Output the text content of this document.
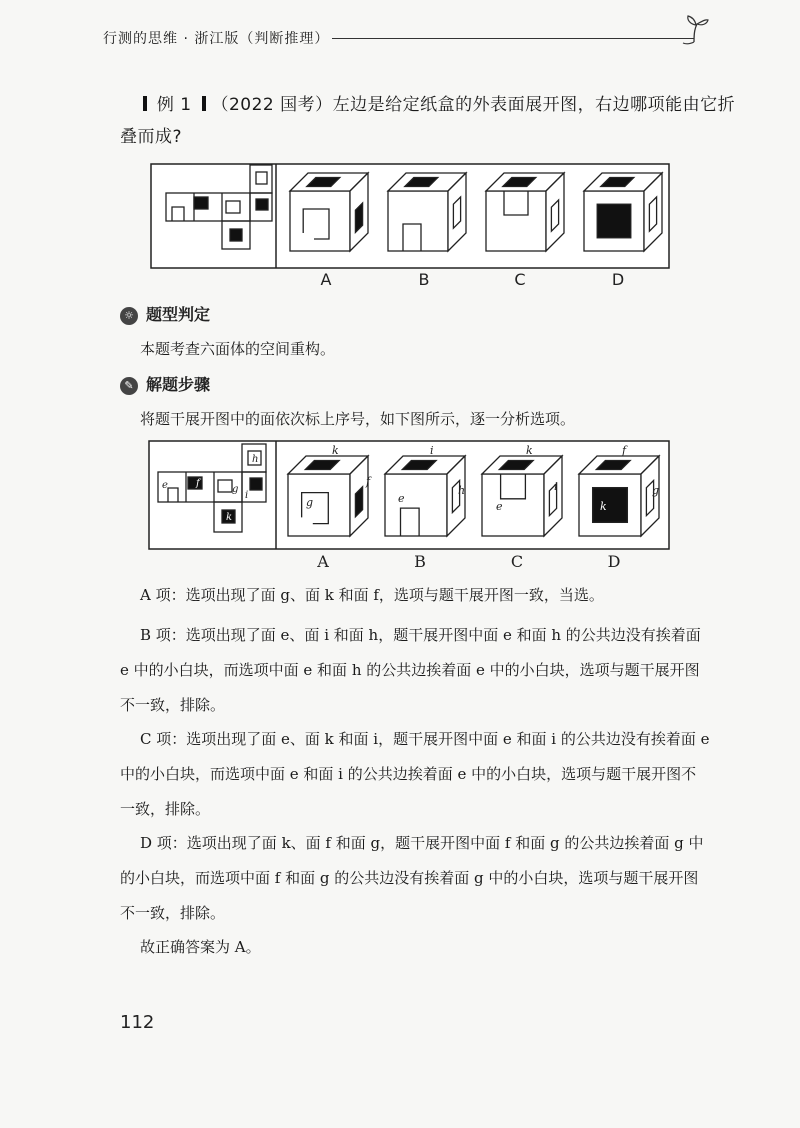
行测的思维 · 浙江版（判断推理）
例 1 （2022 国考）左边是给定纸盒的外表面展开图，右边哪项能由它折
叠而成?
A	B	C	D
☼ 题型判定
本题考查六面体的空间重构。
✎ 解题步骤
将题干展开图中的面依次标上序号，如下图所示，逐一分析选项。
e	f
g
h
i
k
k
f
g
i
h
e
k
i
e
f
g
k
A	B	C	D
A 项：选项出现了面 g、面 k 和面 f，选项与题干展开图一致，当选。
B 项：选项出现了面 e、面 i 和面 h，题干展开图中面 e 和面 h 的公共边没有挨着面 e 中的小白块，而选项中面 e 和面 h 的公共边挨着面 e 中的小白块，选项与题干展开图不一致，排除。
C 项：选项出现了面 e、面 k 和面 i，题干展开图中面 e 和面 i 的公共边没有挨着面 e 中的小白块，而选项中面 e 和面 i 的公共边挨着面 e 中的小白块，选项与题干展开图不一致，排除。
D 项：选项出现了面 k、面 f 和面 g，题干展开图中面 f 和面 g 的公共边挨着面 g 中的小白块，而选项中面 f 和面 g 的公共边没有挨着面 g 中的小白块，选项与题干展开图不一致，排除。
故正确答案为 A。
112
